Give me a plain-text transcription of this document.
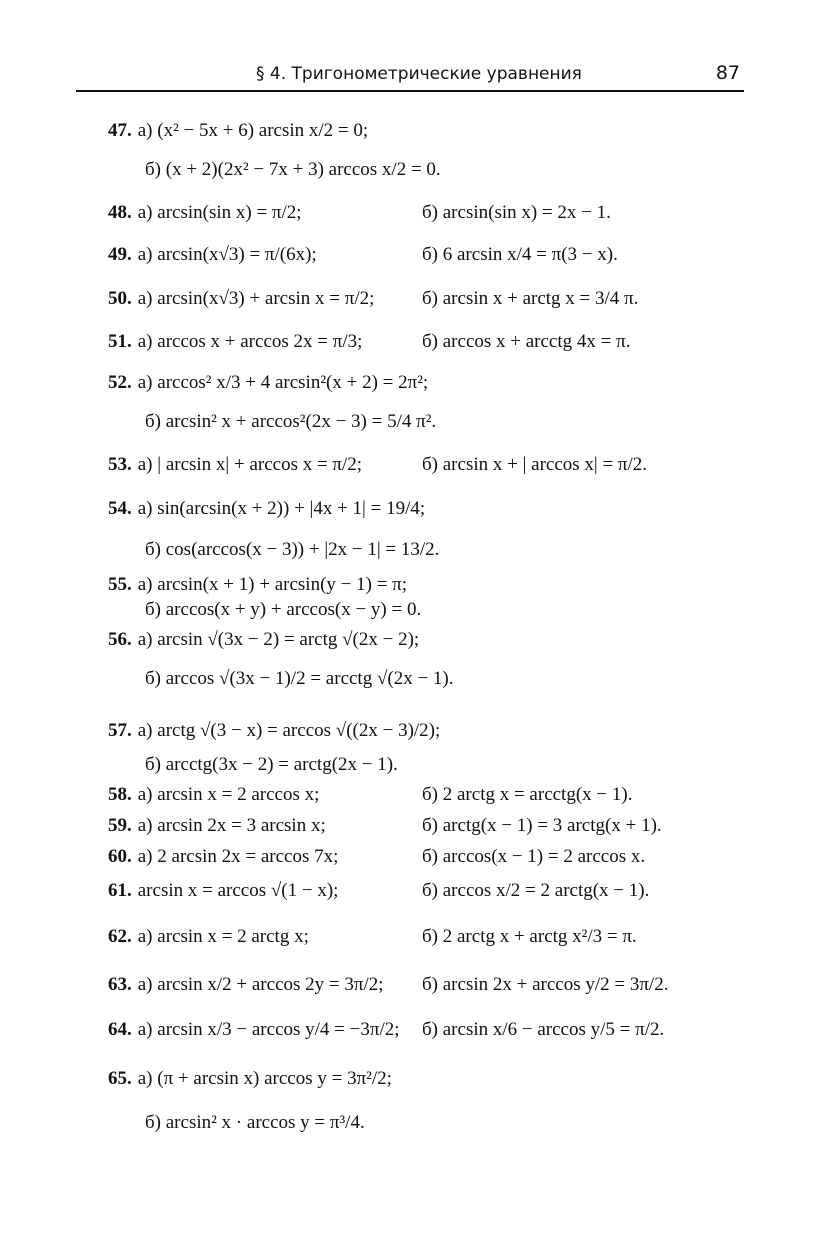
§ 4. Тригонометрические уравнения	87
47. а) (x² − 5x + 6) arcsin x/2 = 0;
б) (x + 2)(2x² − 7x + 3) arccos x/2 = 0.
48. а) arcsin(sin x) = π/2;	б) arcsin(sin x) = 2x − 1.
49. а) arcsin(x√3) = π/(6x);	б) 6 arcsin x/4 = π(3 − x).
50. а) arcsin(x√3) + arcsin x = π/2;	б) arcsin x + arctg x = 3/4 π.
51. а) arccos x + arccos 2x = π/3;	б) arccos x + arcctg 4x = π.
52. а) arccos² x/3 + 4 arcsin²(x + 2) = 2π²;
б) arcsin² x + arccos²(2x − 3) = 5/4 π².
53. а) | arcsin x| + arccos x = π/2;	б) arcsin x + | arccos x| = π/2.
54. а) sin(arcsin(x + 2)) + |4x + 1| = 19/4;
б) cos(arccos(x − 3)) + |2x − 1| = 13/2.
55. а) arcsin(x + 1) + arcsin(y − 1) = π;
б) arccos(x + y) + arccos(x − y) = 0.
56. а) arcsin √(3x − 2) = arctg √(2x − 2);
б) arccos √(3x − 1)/2 = arcctg √(2x − 1).
57. а) arctg √(3 − x) = arccos √((2x − 3)/2);
б) arcctg(3x − 2) = arctg(2x − 1).
58. а) arcsin x = 2 arccos x;	б) 2 arctg x = arcctg(x − 1).
59. а) arcsin 2x = 3 arcsin x;	б) arctg(x − 1) = 3 arctg(x + 1).
60. а) 2 arcsin 2x = arccos 7x;	б) arccos(x − 1) = 2 arccos x.
61. arcsin x = arccos √(1 − x);	б) arccos x/2 = 2 arctg(x − 1).
62. а) arcsin x = 2 arctg x;	б) 2 arctg x + arctg x²/3 = π.
63. а) arcsin x/2 + arccos 2y = 3π/2; б) arcsin 2x + arccos y/2 = 3π/2.
64. а) arcsin x/3 − arccos y/4 = −3π/2; б) arcsin x/6 − arccos y/5 = π/2.
65. а) (π + arcsin x) arccos y = 3π²/2;
б) arcsin² x · arccos y = π³/4.
